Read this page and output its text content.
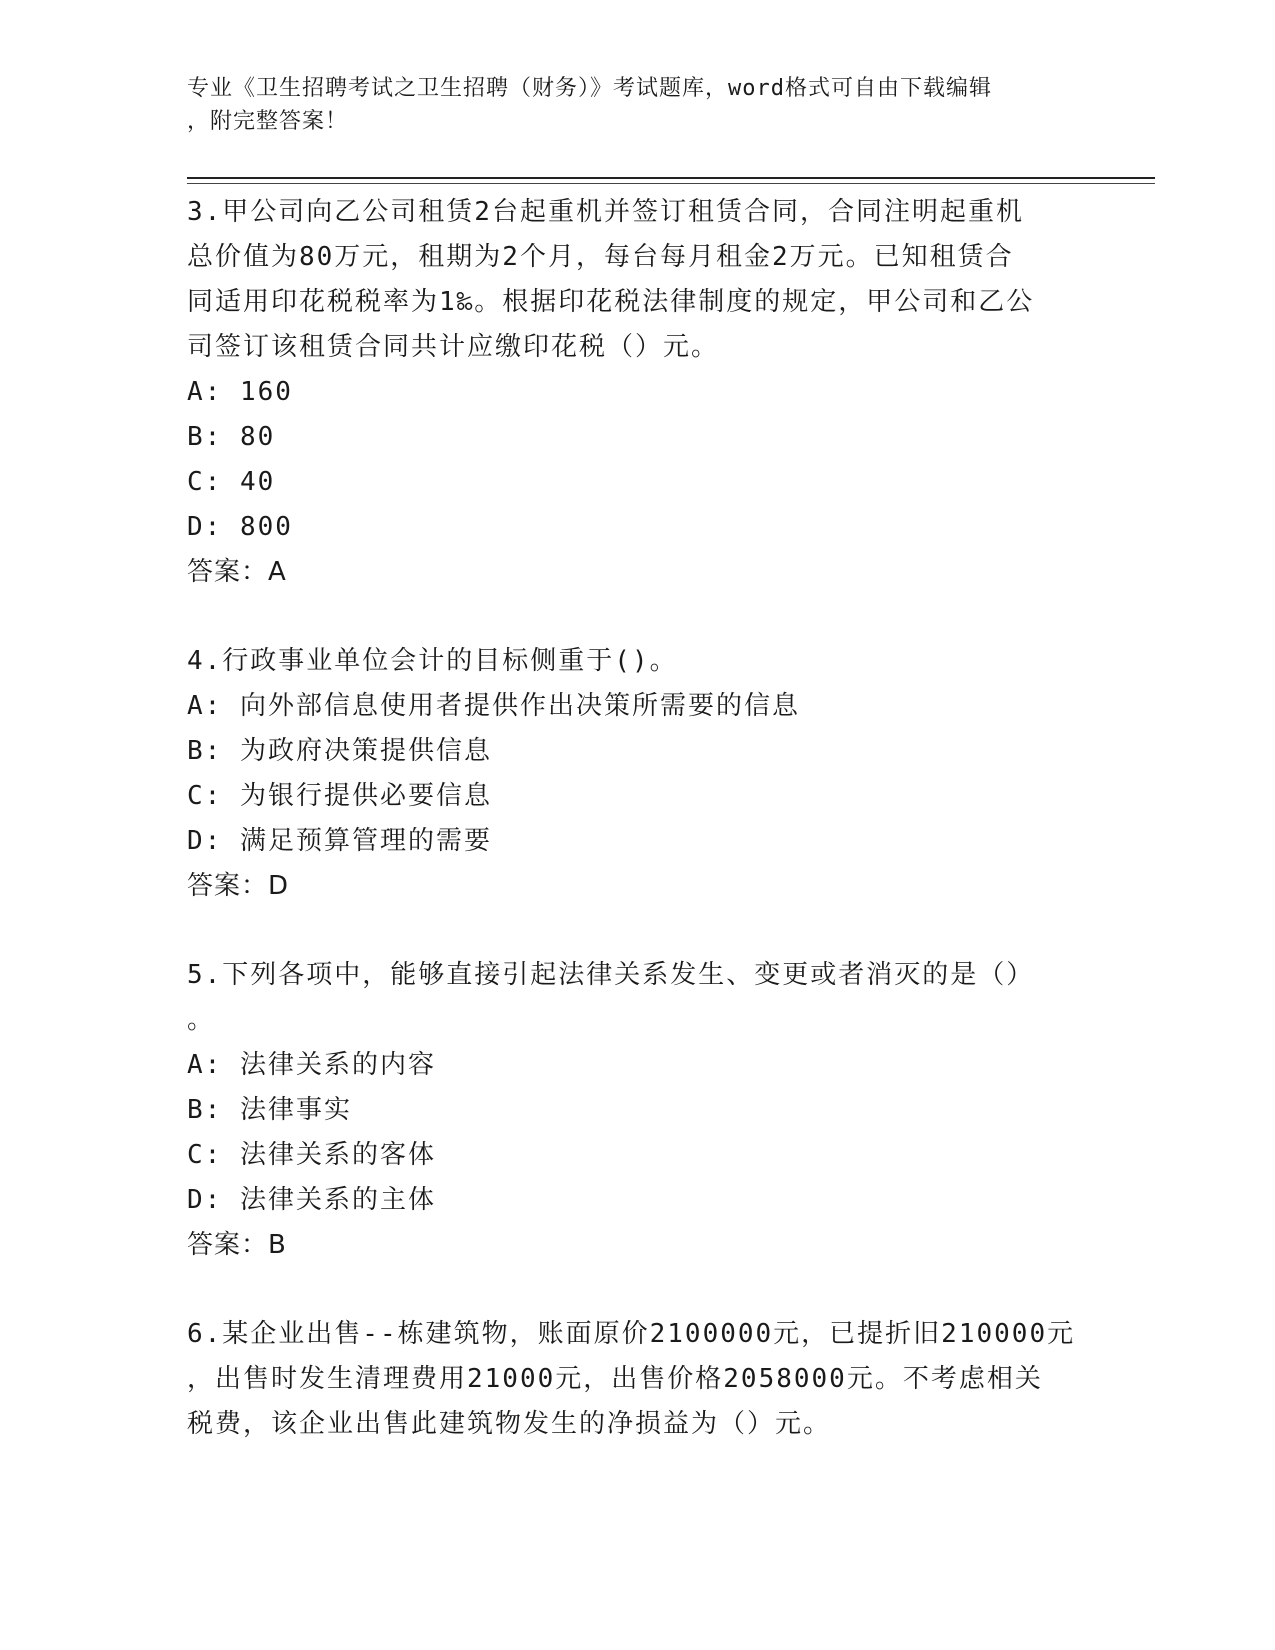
专业《卫生招聘考试之卫生招聘（财务）》考试题库，word格式可自由下载编辑
，附完整答案！
3.甲公司向乙公司租赁2台起重机并签订租赁合同，合同注明起重机
总价值为80万元，租期为2个月，每台每月租金2万元。已知租赁合
同适用印花税税率为1‰。根据印花税法律制度的规定，甲公司和乙公
司签订该租赁合同共计应缴印花税（）元。
A: 160
B: 80
C: 40
D: 800
答案：A
4.行政事业单位会计的目标侧重于()。
A: 向外部信息使用者提供作出决策所需要的信息
B: 为政府决策提供信息
C: 为银行提供必要信息
D: 满足预算管理的需要
答案：D
5.下列各项中，能够直接引起法律关系发生、变更或者消灭的是（）
。
A: 法律关系的内容
B: 法律事实
C: 法律关系的客体
D: 法律关系的主体
答案：B
6.某企业出售--栋建筑物，账面原价2100000元，已提折旧210000元
，出售时发生清理费用21000元，出售价格2058000元。不考虑相关
税费，该企业出售此建筑物发生的净损益为（）元。
